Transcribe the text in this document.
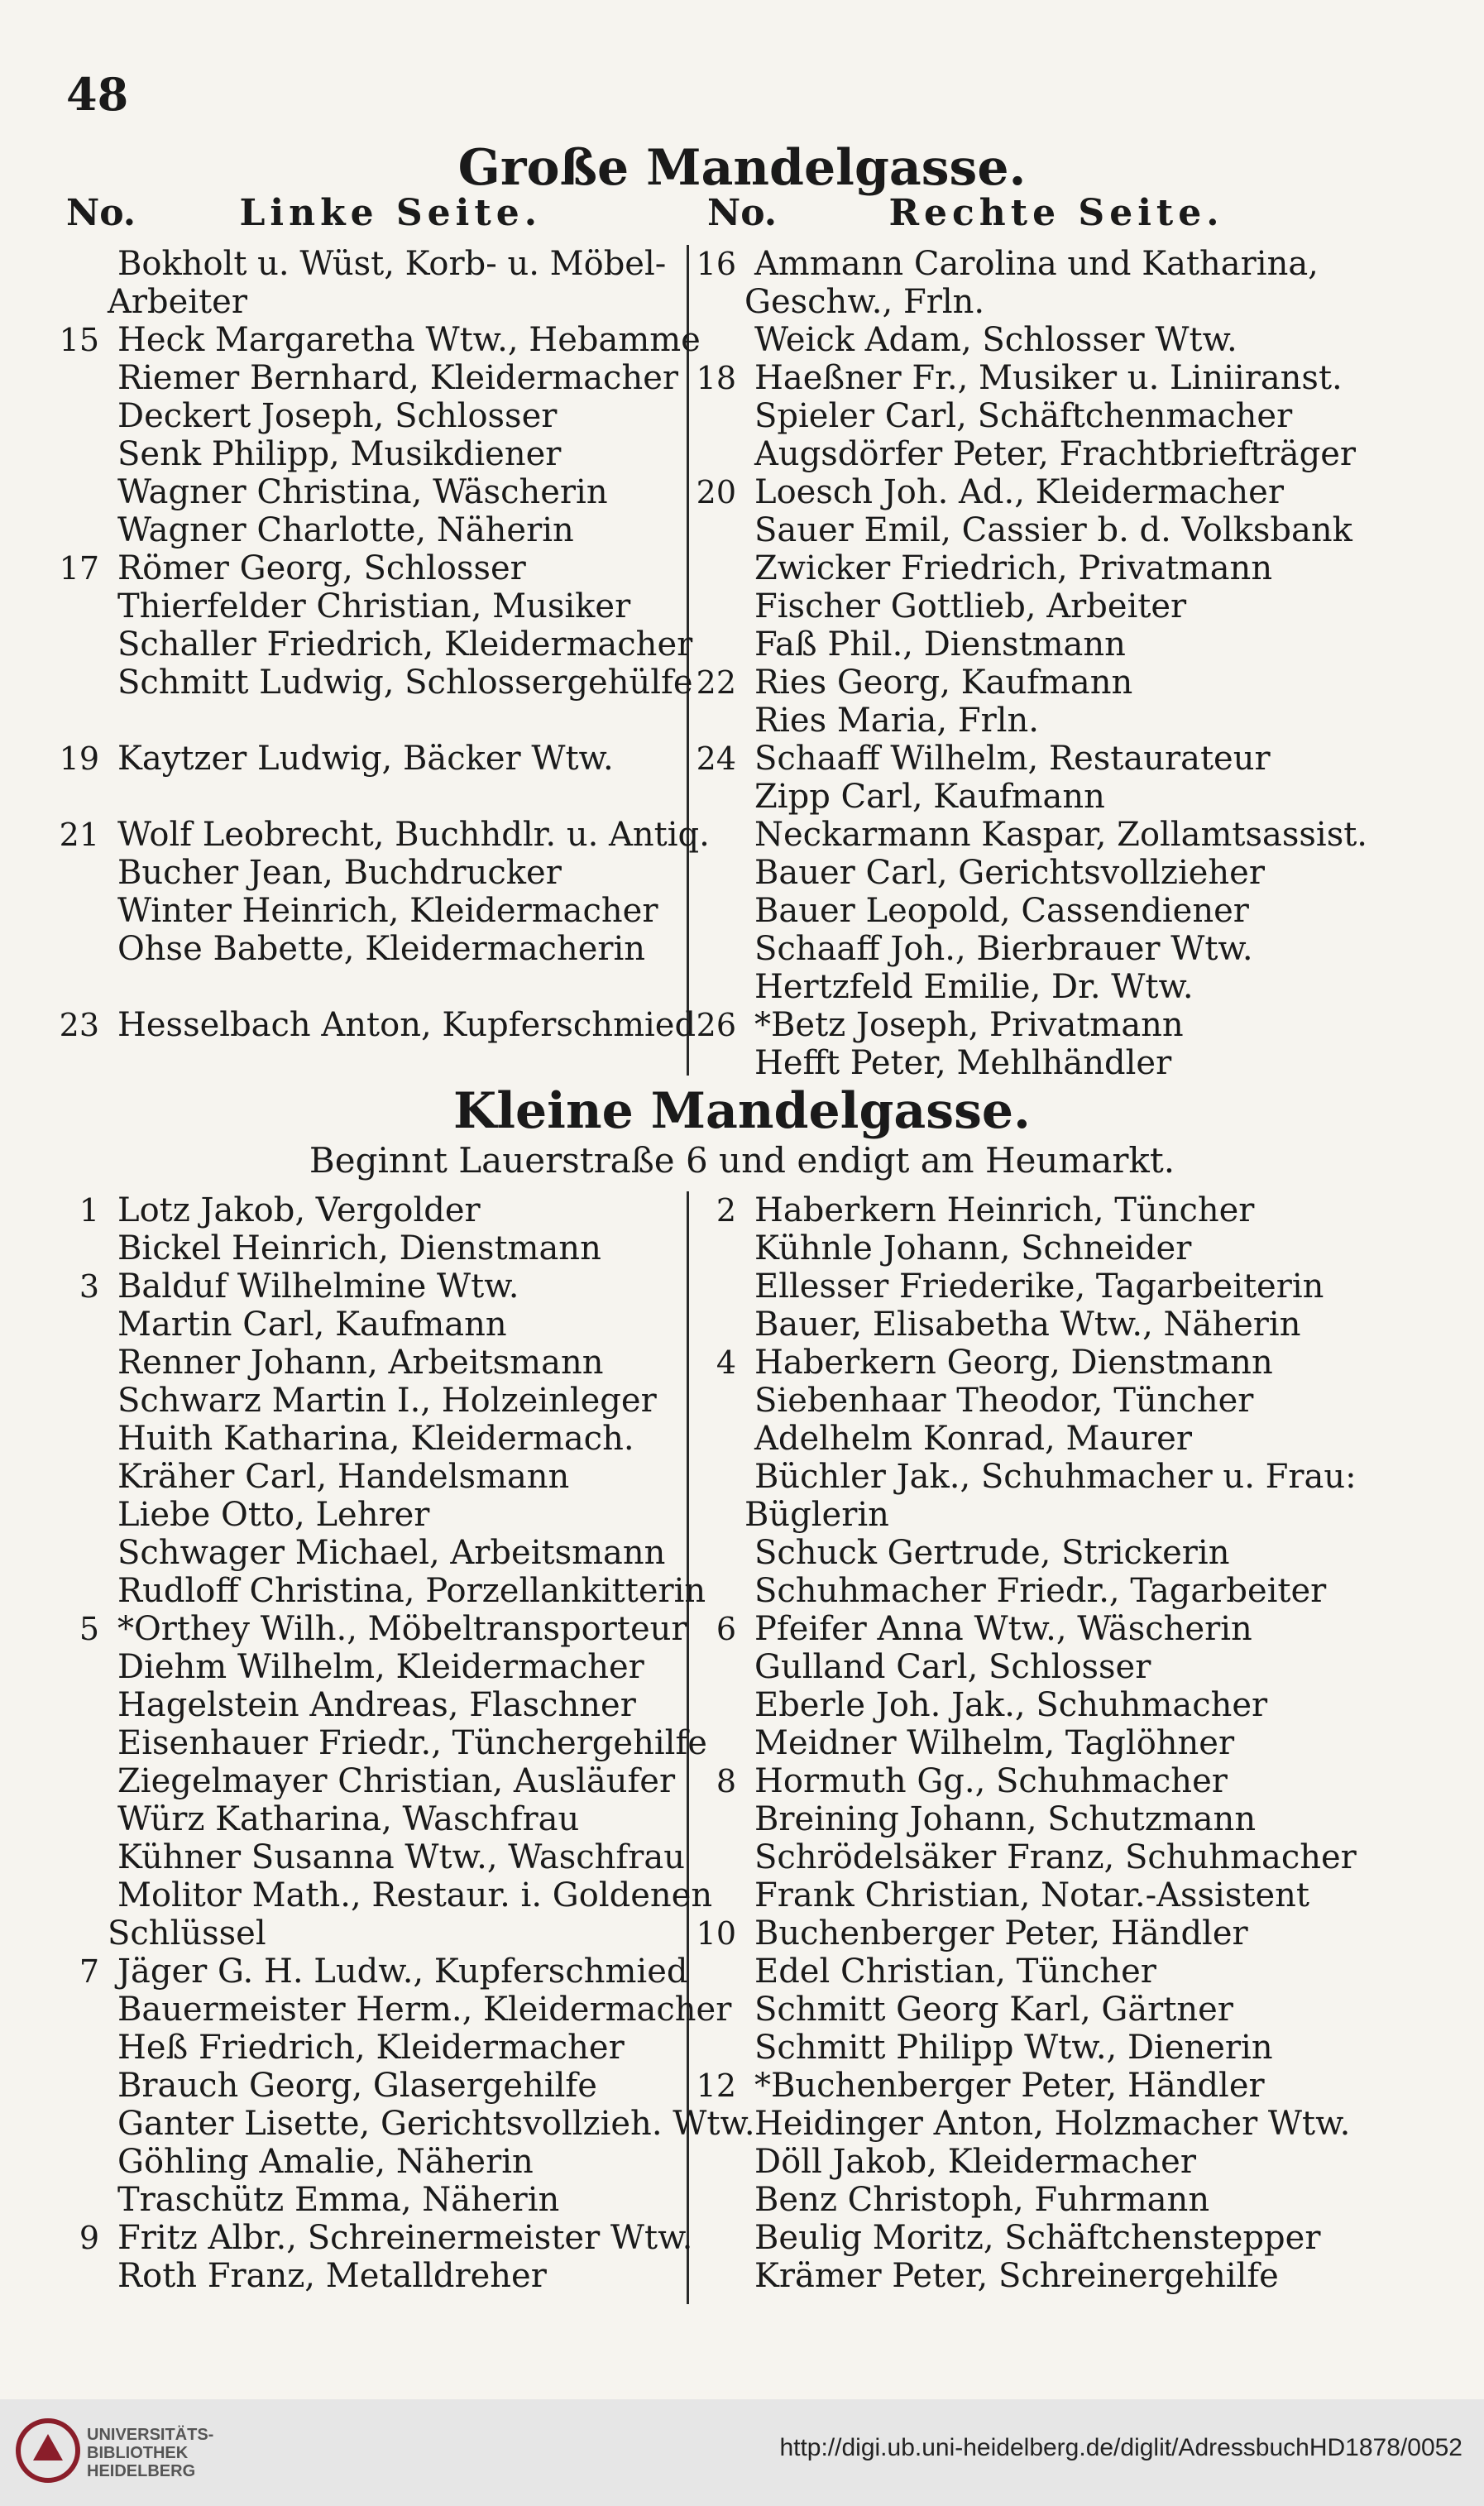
48
Große Mandelgasse.
No.	Linke Seite.	No.	Rechte Seite.
Bokholt u. Wüst, Korb- u. Möbel-
Arbeiter
15 Heck Margaretha Wtw., Hebamme
Riemer Bernhard, Kleidermacher
Deckert Joseph, Schlosser
Senk Philipp, Musikdiener
Wagner Christina, Wäscherin
Wagner Charlotte, Näherin
17 Römer Georg, Schlosser
Thierfelder Christian, Musiker
Schaller Friedrich, Kleidermacher
Schmitt Ludwig, Schlossergehülfe
19 Kaytzer Ludwig, Bäcker Wtw.
21 Wolf Leobrecht, Buchhdlr. u. Antiq.
Bucher Jean, Buchdrucker
Winter Heinrich, Kleidermacher
Ohse Babette, Kleidermacherin
23 Hesselbach Anton, Kupferschmied
16 Ammann Carolina und Katharina,
Geschw., Frln.
Weick Adam, Schlosser Wtw.
18 Haeßner Fr., Musiker u. Liniiranst.
Spieler Carl, Schäftchenmacher
Augsdörfer Peter, Frachtbriefträger
20 Loesch Joh. Ad., Kleidermacher
Sauer Emil, Cassier b. d. Volksbank
Zwicker Friedrich, Privatmann
Fischer Gottlieb, Arbeiter
Faß Phil., Dienstmann
22 Ries Georg, Kaufmann
Ries Maria, Frln.
24 Schaaff Wilhelm, Restaurateur
Zipp Carl, Kaufmann
Neckarmann Kaspar, Zollamtsassist.
Bauer Carl, Gerichtsvollzieher
Bauer Leopold, Cassendiener
Schaaff Joh., Bierbrauer Wtw.
Hertzfeld Emilie, Dr. Wtw.
26 *Betz Joseph, Privatmann
Hefft Peter, Mehlhändler
Kleine Mandelgasse.
Beginnt Lauerstraße 6 und endigt am Heumarkt.
1 Lotz Jakob, Vergolder
Bickel Heinrich, Dienstmann
3 Balduf Wilhelmine Wtw.
Martin Carl, Kaufmann
Renner Johann, Arbeitsmann
Schwarz Martin I., Holzeinleger
Huith Katharina, Kleidermach.
Kräher Carl, Handelsmann
Liebe Otto, Lehrer
Schwager Michael, Arbeitsmann
Rudloff Christina, Porzellankitterin
5 *Orthey Wilh., Möbeltransporteur
Diehm Wilhelm, Kleidermacher
Hagelstein Andreas, Flaschner
Eisenhauer Friedr., Tünchergehilfe
Ziegelmayer Christian, Ausläufer
Würz Katharina, Waschfrau
Kühner Susanna Wtw., Waschfrau
Molitor Math., Restaur. i. Goldenen
Schlüssel
7 Jäger G. H. Ludw., Kupferschmied
Bauermeister Herm., Kleidermacher
Heß Friedrich, Kleidermacher
Brauch Georg, Glasergehilfe
Ganter Lisette, Gerichtsvollzieh. Wtw.
Göhling Amalie, Näherin
Traschütz Emma, Näherin
9 Fritz Albr., Schreinermeister Wtw.
Roth Franz, Metalldreher
2 Haberkern Heinrich, Tüncher
Kühnle Johann, Schneider
Ellesser Friederike, Tagarbeiterin
Bauer, Elisabetha Wtw., Näherin
4 Haberkern Georg, Dienstmann
Siebenhaar Theodor, Tüncher
Adelhelm Konrad, Maurer
Büchler Jak., Schuhmacher u. Frau:
Büglerin
Schuck Gertrude, Strickerin
Schuhmacher Friedr., Tagarbeiter
6 Pfeifer Anna Wtw., Wäscherin
Gulland Carl, Schlosser
Eberle Joh. Jak., Schuhmacher
Meidner Wilhelm, Taglöhner
8 Hormuth Gg., Schuhmacher
Breining Johann, Schutzmann
Schrödelsäker Franz, Schuhmacher
Frank Christian, Notar.-Assistent
10 Buchenberger Peter, Händler
Edel Christian, Tüncher
Schmitt Georg Karl, Gärtner
Schmitt Philipp Wtw., Dienerin
12 *Buchenberger Peter, Händler
Heidinger Anton, Holzmacher Wtw.
Döll Jakob, Kleidermacher
Benz Christoph, Fuhrmann
Beulig Moritz, Schäftchenstepper
Krämer Peter, Schreinergehilfe
UNIVERSITÄTS-
BIBLIOTHEK
HEIDELBERG
http://digi.ub.uni-heidelberg.de/diglit/AdressbuchHD1878/0052
